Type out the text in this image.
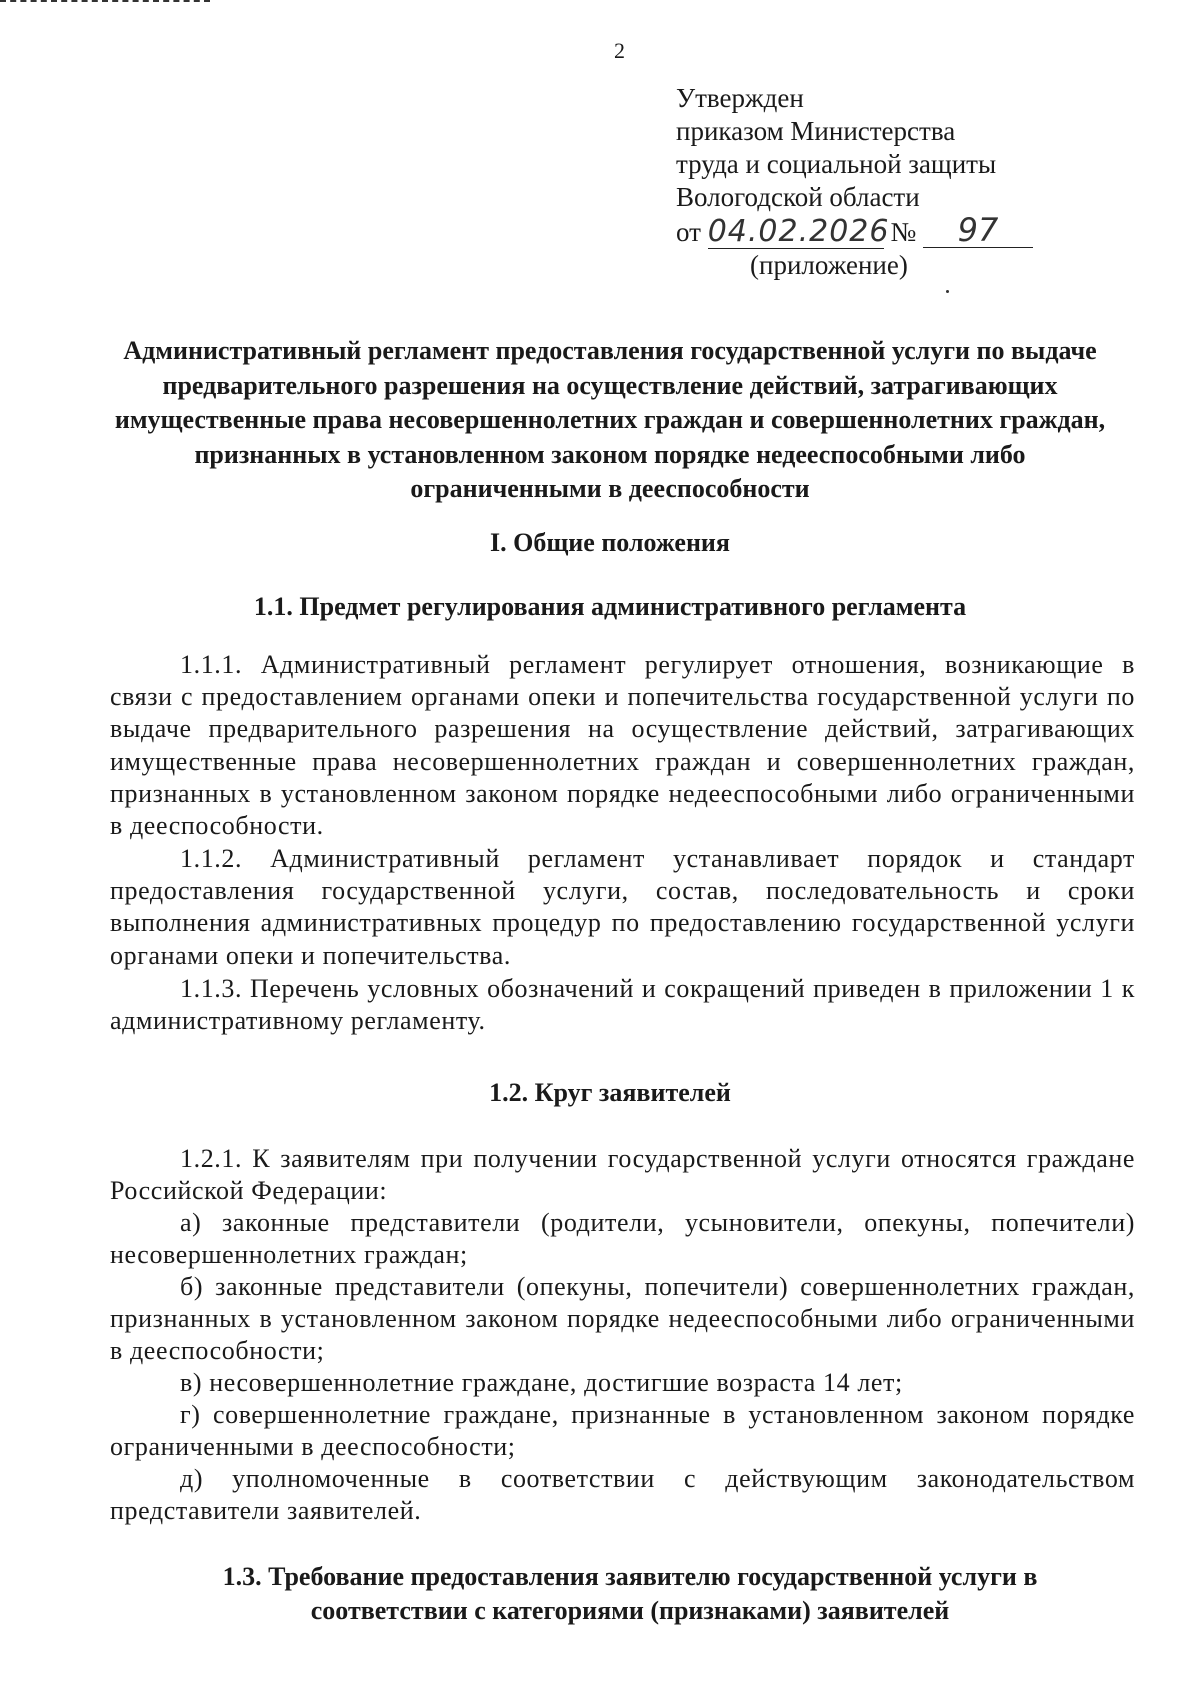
2
Утвержден
приказом Министерства
труда и социальной защиты
Вологодской области
от 04.02.2026 № 97
(приложение)
Административный регламент предоставления государственной услуги по выдаче предварительного разрешения на осуществление действий, затрагивающих имущественные права несовершеннолетних граждан и совершеннолетних граждан, признанных в установленном законом порядке недееспособными либо ограниченными в дееспособности
I. Общие положения
1.1. Предмет регулирования административного регламента
1.1.1. Административный регламент регулирует отношения, возникающие в связи с предоставлением органами опеки и попечительства государственной услуги по выдаче предварительного разрешения на осуществление действий, затрагивающих имущественные права несовершеннолетних граждан и совершеннолетних граждан, признанных в установленном законом порядке недееспособными либо ограниченными в дееспособности.
1.1.2. Административный регламент устанавливает порядок и стандарт предоставления государственной услуги, состав, последовательность и сроки выполнения административных процедур по предоставлению государственной услуги органами опеки и попечительства.
1.1.3. Перечень условных обозначений и сокращений приведен в приложении 1 к административному регламенту.
1.2. Круг заявителей
1.2.1. К заявителям при получении государственной услуги относятся граждане Российской Федерации:
а) законные представители (родители, усыновители, опекуны, попечители) несовершеннолетних граждан;
б) законные представители (опекуны, попечители) совершеннолетних граждан, признанных в установленном законом порядке недееспособными либо ограниченными в дееспособности;
в) несовершеннолетние граждане, достигшие возраста 14 лет;
г) совершеннолетние граждане, признанные в установленном законом порядке ограниченными в дееспособности;
д) уполномоченные в соответствии с действующим законодательством представители заявителей.
1.3. Требование предоставления заявителю государственной услуги в соответствии с категориями (признаками) заявителей
